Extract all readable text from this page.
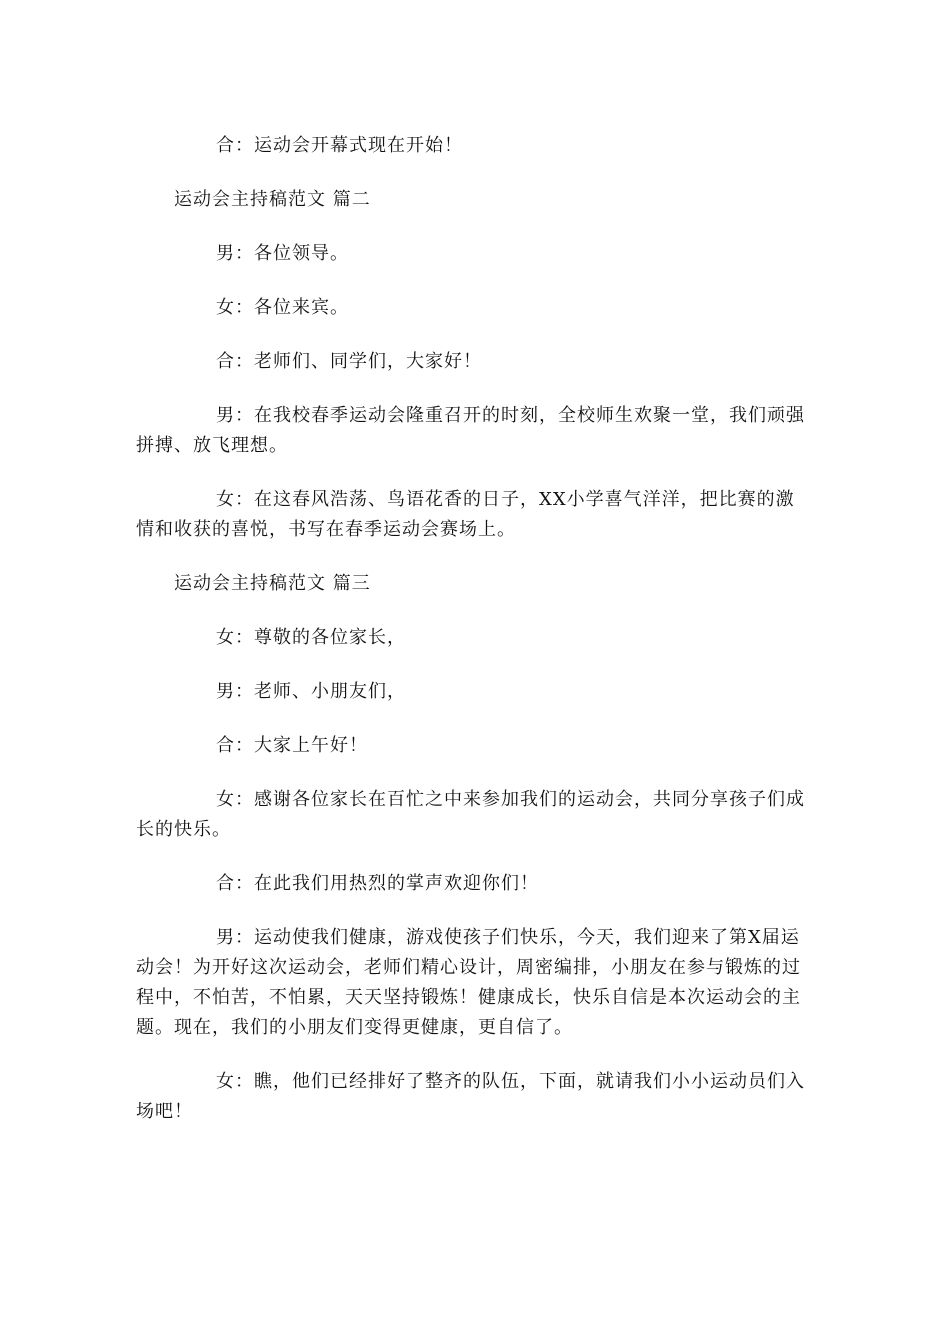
合：运动会开幕式现在开始！

运动会主持稿范文 篇二

男：各位领导。

女：各位来宾。

合：老师们、同学们，大家好！

男：在我校春季运动会隆重召开的时刻，全校师生欢聚一堂，我们顽强拼搏、放飞理想。

女：在这春风浩荡、鸟语花香的日子，XX小学喜气洋洋，把比赛的激情和收获的喜悦，书写在春季运动会赛场上。

运动会主持稿范文 篇三

女：尊敬的各位家长，

男：老师、小朋友们，

合：大家上午好！

女：感谢各位家长在百忙之中来参加我们的运动会，共同分享孩子们成长的快乐。

合：在此我们用热烈的掌声欢迎你们！

男：运动使我们健康，游戏使孩子们快乐，今天，我们迎来了第X届运动会！为开好这次运动会，老师们精心设计，周密编排，小朋友在参与锻炼的过程中，不怕苦，不怕累，天天坚持锻炼！健康成长，快乐自信是本次运动会的主题。现在，我们的小朋友们变得更健康，更自信了。

女：瞧，他们已经排好了整齐的队伍，下面，就请我们小小运动员们入场吧！
